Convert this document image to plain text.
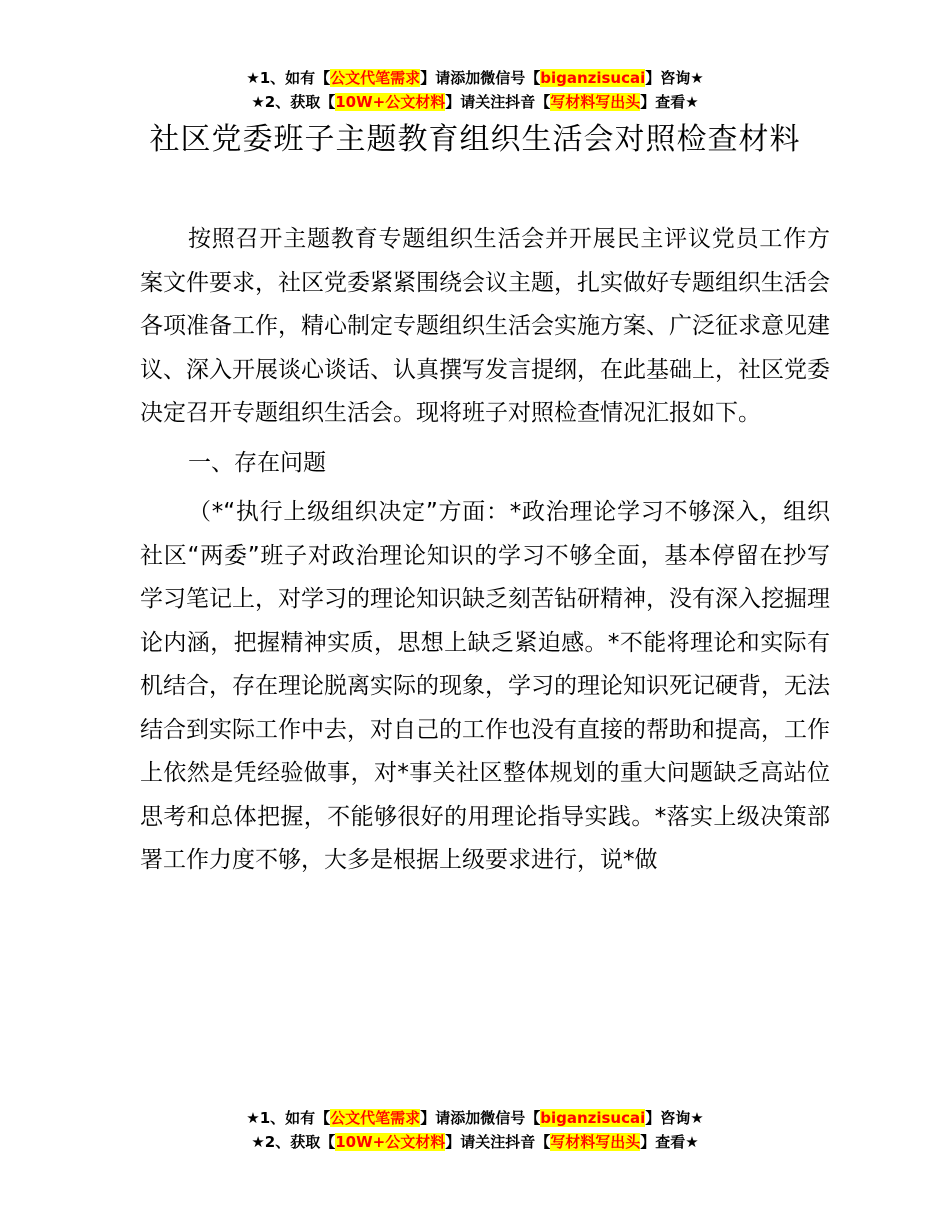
★1、如有【公文代笔需求】请添加微信号【biganzisucai】咨询★
★2、获取【10W+公文材料】请关注抖音【写材料写出头】查看★
社区党委班子主题教育组织生活会对照检查材料

按照召开主题教育专题组织生活会并开展民主评议党员工作方案文件要求，社区党委紧紧围绕会议主题，扎实做好专题组织生活会各项准备工作，精心制定专题组织生活会实施方案、广泛征求意见建议、深入开展谈心谈话、认真撰写发言提纲，在此基础上，社区党委决定召开专题组织生活会。现将班子对照检查情况汇报如下。

一、存在问题

（*“执行上级组织决定”方面：*政治理论学习不够深入，组织社区“两委”班子对政治理论知识的学习不够全面，基本停留在抄写学习笔记上，对学习的理论知识缺乏刻苦钻研精神，没有深入挖掘理论内涵，把握精神实质，思想上缺乏紧迫感。*不能将理论和实际有机结合，存在理论脱离实际的现象，学习的理论知识死记硬背，无法结合到实际工作中去，对自己的工作也没有直接的帮助和提高，工作上依然是凭经验做事，对*事关社区整体规划的重大问题缺乏高站位思考和总体把握，不能够很好的用理论指导实践。*落实上级决策部署工作力度不够，大多是根据上级要求进行，说*做

★1、如有【公文代笔需求】请添加微信号【biganzisucai】咨询★
★2、获取【10W+公文材料】请关注抖音【写材料写出头】查看★
